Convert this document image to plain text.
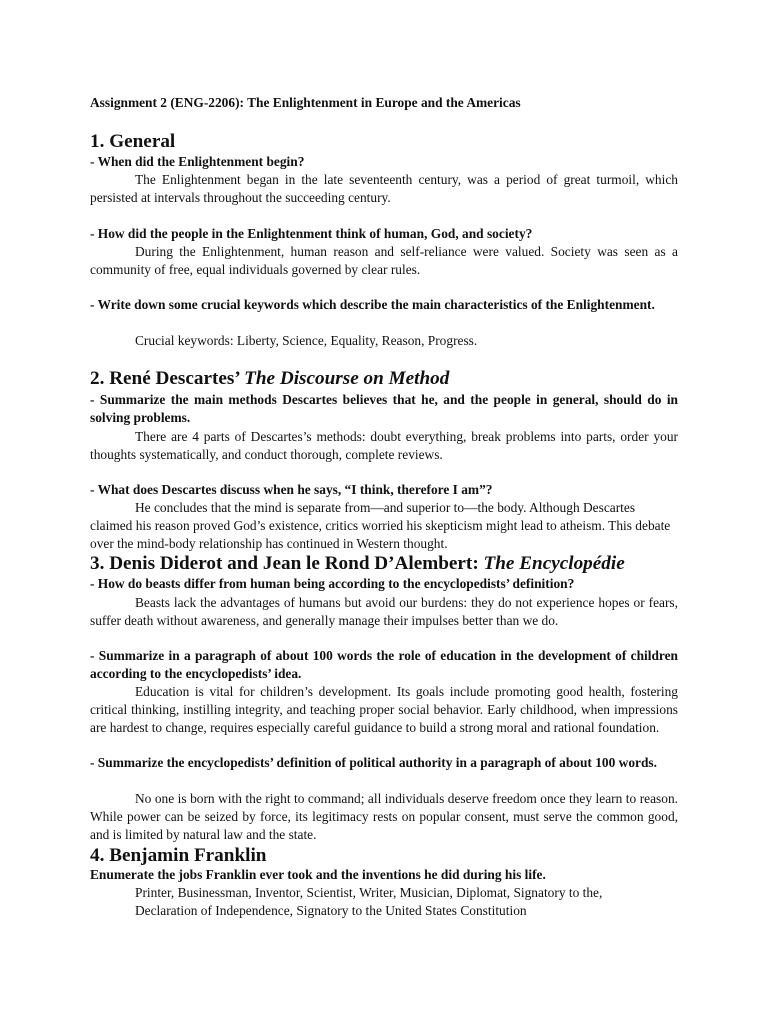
Assignment 2 (ENG-2206): The Enlightenment in Europe and the Americas

1. General

- When did the Enlightenment begin?

The Enlightenment began in the late seventeenth century, was a period of great turmoil, which persisted at intervals throughout the succeeding century.

- How did the people in the Enlightenment think of human, God, and society?

During the Enlightenment, human reason and self-reliance were valued. Society was seen as a community of free, equal individuals governed by clear rules.

- Write down some crucial keywords which describe the main characteristics of the Enlightenment.

Crucial keywords: Liberty, Science, Equality, Reason, Progress.

2. René Descartes’ The Discourse on Method

- Summarize the main methods Descartes believes that he, and the people in general, should do in solving problems.

There are 4 parts of Descartes’s methods: doubt everything, break problems into parts, order your thoughts systematically, and conduct thorough, complete reviews.

- What does Descartes discuss when he says, “I think, therefore I am”?

He concludes that the mind is separate from—and superior to—the body. Although Descartes claimed his reason proved God’s existence, critics worried his skepticism might lead to atheism. This debate over the mind-body relationship has continued in Western thought.

3. Denis Diderot and Jean le Rond D’Alembert: The Encyclopédie

- How do beasts differ from human being according to the encyclopedists’ definition?

Beasts lack the advantages of humans but avoid our burdens: they do not experience hopes or fears, suffer death without awareness, and generally manage their impulses better than we do.

- Summarize in a paragraph of about 100 words the role of education in the development of children according to the encyclopedists’ idea.

Education is vital for children’s development. Its goals include promoting good health, fostering critical thinking, instilling integrity, and teaching proper social behavior. Early childhood, when impressions are hardest to change, requires especially careful guidance to build a strong moral and rational foundation.

- Summarize the encyclopedists’ definition of political authority in a paragraph of about 100 words.

No one is born with the right to command; all individuals deserve freedom once they learn to reason. While power can be seized by force, its legitimacy rests on popular consent, must serve the common good, and is limited by natural law and the state.

4. Benjamin Franklin

Enumerate the jobs Franklin ever took and the inventions he did during his life.

Printer, Businessman, Inventor, Scientist, Writer, Musician, Diplomat, Signatory to the,

Declaration of Independence, Signatory to the United States Constitution
